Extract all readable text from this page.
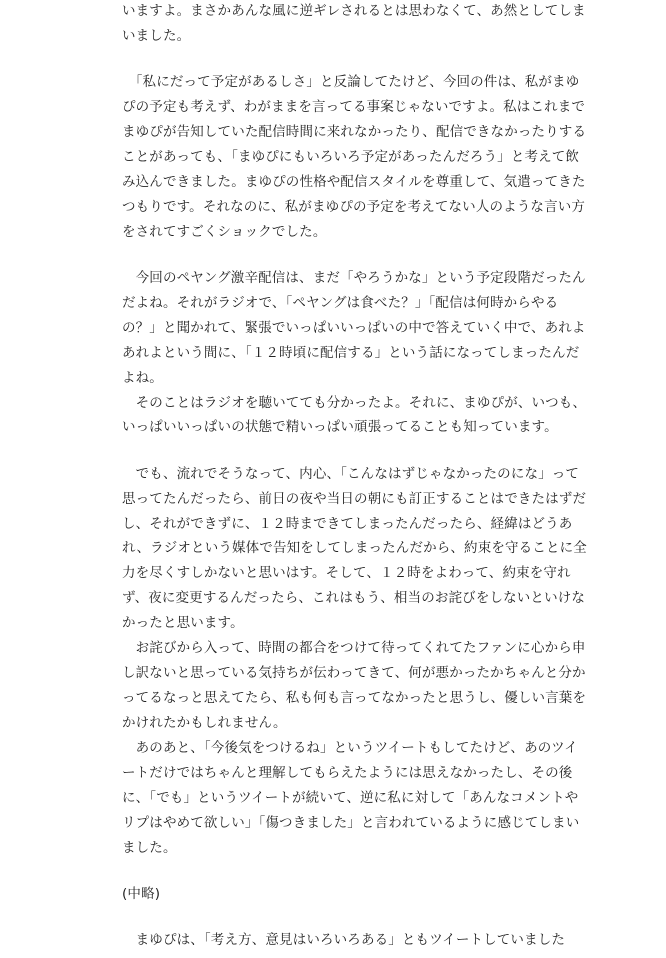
いますよ。まさかあんな風に逆ギレされるとは思わなくて、あ然としてしま
いました。
　「私にだって予定があるしさ」と反論してたけど、今回の件は、私がまゆ
ぴの予定も考えず、わがままを言ってる事案じゃないですよ。私はこれまで
まゆぴが告知していた配信時間に来れなかったり、配信できなかったりする
ことがあっても、「まゆぴにもいろいろ予定があったんだろう」と考えて飲
み込んできました。まゆぴの性格や配信スタイルを尊重して、気遣ってきた
つもりです。それなのに、私がまゆぴの予定を考えてない人のような言い方
をされてすごくショックでした。
　今回のペヤング激辛配信は、まだ「やろうかな」という予定段階だったん
だよね。それがラジオで、「ペヤングは食べた？」「配信は何時からやる
の？」と聞かれて、緊張でいっぱいいっぱいの中で答えていく中で、あれよ
あれよという間に、「１２時頃に配信する」という話になってしまったんだ
よね。
　そのことはラジオを聴いてても分かったよ。それに、まゆぴが、いつも、
いっぱいいっぱいの状態で精いっぱい頑張ってることも知っています。
　でも、流れでそうなって、内心、「こんなはずじゃなかったのにな」って
思ってたんだったら、前日の夜や当日の朝にも訂正することはできたはずだ
し、それができずに、１２時まできてしまったんだったら、経緯はどうあ
れ、ラジオという媒体で告知をしてしまったんだから、約束を守ることに全
力を尽くすしかないと思いはす。そして、１２時をよわって、約束を守れ
ず、夜に変更するんだったら、これはもう、相当のお詫びをしないといけな
かったと思います。
　お詫びから入って、時間の都合をつけて待ってくれてたファンに心から申
し訳ないと思っている気持ちが伝わってきて、何が悪かったかちゃんと分か
ってるなっと思えてたら、私も何も言ってなかったと思うし、優しい言葉を
かけれたかもしれません。
　あのあと、「今後気をつけるね」というツイートもしてたけど、あのツイ
ートだけではちゃんと理解してもらえたようには思えなかったし、その後
に、「でも」というツイートが続いて、逆に私に対して「あんなコメントや
リプはやめて欲しい」「傷つきました」と言われているように感じてしまい
ました。
(中略)
　まゆぴは、「考え方、意見はいろいろある」ともツイートしていました
